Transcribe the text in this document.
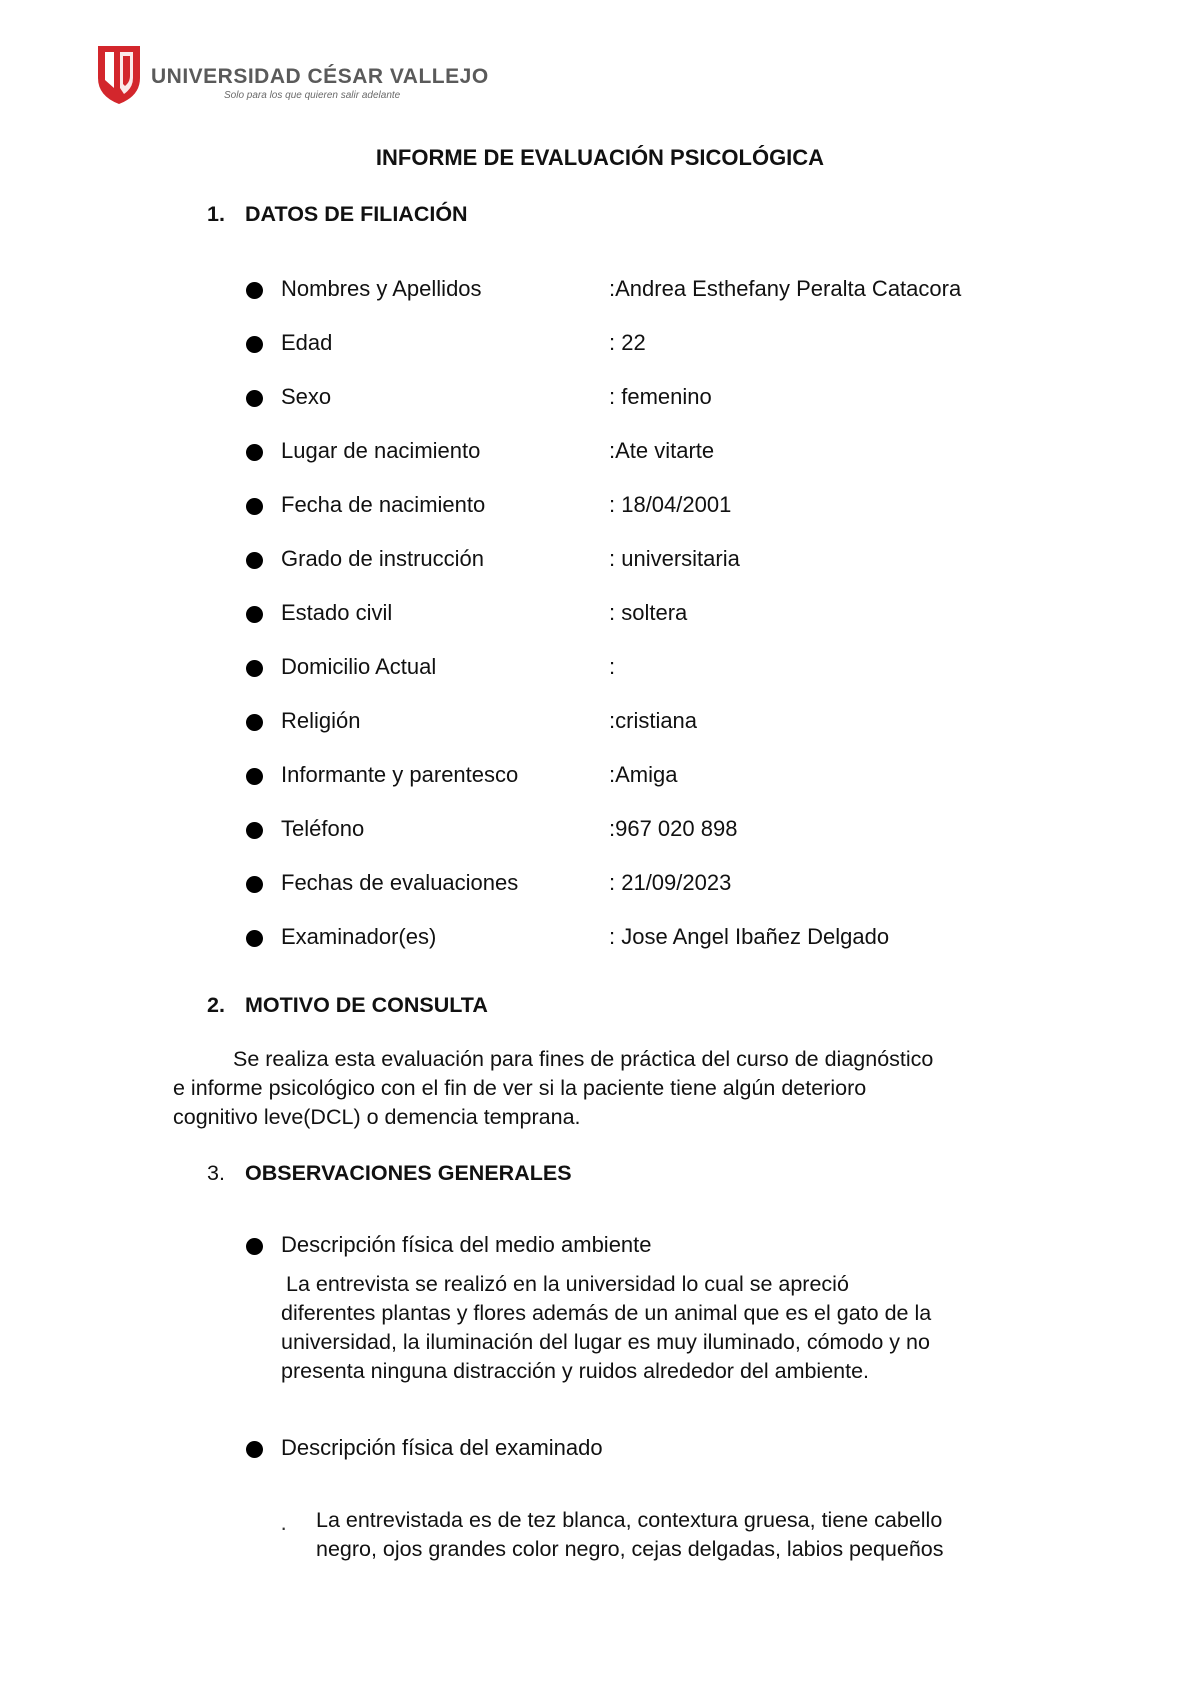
UNIVERSIDAD CÉSAR VALLEJO
Solo para los que quieren salir adelante
INFORME DE EVALUACIÓN PSICOLÓGICA
1. DATOS DE FILIACIÓN
Nombres y Apellidos	:Andrea Esthefany Peralta Catacora
Edad	: 22
Sexo	: femenino
Lugar de nacimiento	:Ate vitarte
Fecha de nacimiento	: 18/04/2001
Grado de instrucción	: universitaria
Estado civil	: soltera
Domicilio Actual	:
Religión	:cristiana
Informante y parentesco	:Amiga
Teléfono	:967 020 898
Fechas de evaluaciones	: 21/09/2023
Examinador(es)	: Jose Angel Ibañez Delgado
2. MOTIVO DE CONSULTA
Se realiza esta evaluación para fines de práctica del curso de diagnóstico
e informe psicológico con el fin de ver si la paciente tiene algún deterioro
cognitivo leve(DCL) o demencia temprana.
3. OBSERVACIONES GENERALES
Descripción física del medio ambiente
La entrevista se realizó en la universidad lo cual se apreció
diferentes plantas y flores además de un animal que es el gato de la
universidad, la iluminación del lugar es muy iluminado, cómodo y no
presenta ninguna distracción y ruidos alrededor del ambiente.
Descripción física del examinado
· La entrevistada es de tez blanca, contextura gruesa, tiene cabello
negro, ojos grandes color negro, cejas delgadas, labios pequeños
